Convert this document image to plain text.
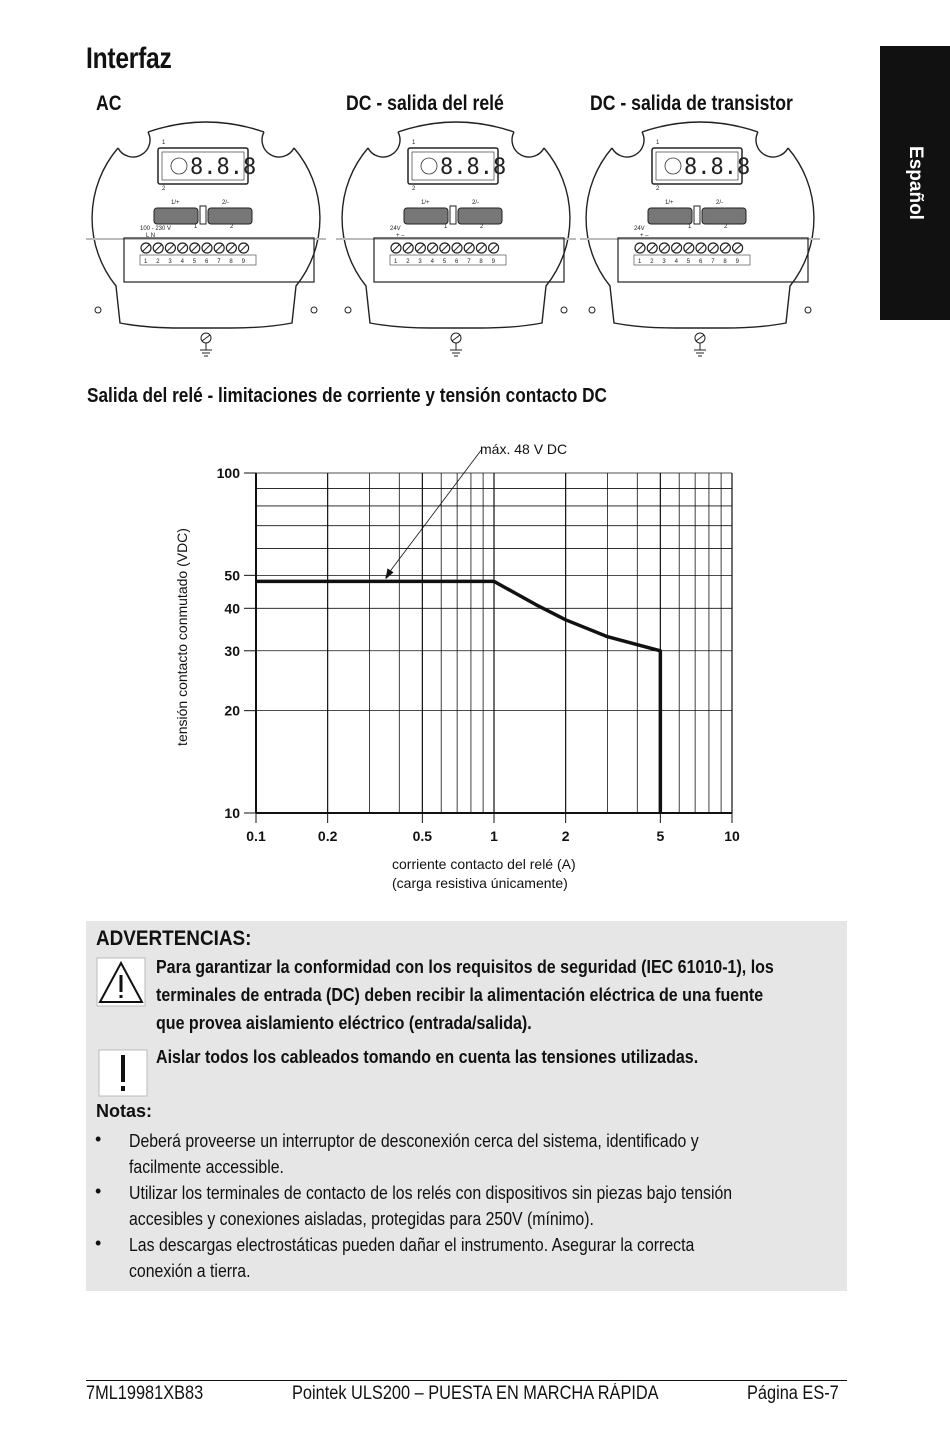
Interfaz
Español
AC	DC - salida del relé	DC - salida de transistor
8.8.8
1
2
1/+	2/-
1 2 3 4 5 6 7 8 9
1	2
100 - 230 V
L N
8.8.8
1
2
1/+	2/-
1 2 3 4 5 6 7 8 9
1	2
24V
+ –
8.8.8
1
2
1/+	2/-
1 2 3 4 5 6 7 8 9
1	2
24V
+ –
Salida del relé - limitaciones de corriente y tensión contacto DC
0.1	0.2	0.5	1	2	5	10
10
20
30
40
50
100
máx. 48 V DC
corriente contacto del relé (A)
(carga resistiva únicamente)
tensión contacto conmutado (VDC)
ADVERTENCIAS:
Para garantizar la conformidad con los requisitos de seguridad (IEC 61010-1), los
terminales de entrada (DC) deben recibir la alimentación eléctrica de una fuente
que provea aislamiento eléctrico (entrada/salida).
Aislar todos los cableados tomando en cuenta las tensiones utilizadas.
Notas:
• Deberá proveerse un interruptor de desconexión cerca del sistema, identificado y
facilmente accessible.
• Utilizar los terminales de contacto de los relés con dispositivos sin piezas bajo tensión
accesibles y conexiones aisladas, protegidas para 250V (mínimo).
• Las descargas electrostáticas pueden dañar el instrumento. Asegurar la correcta
conexión a tierra.
7ML19981XB83	Pointek ULS200 – PUESTA EN MARCHA RÁPIDA	Página ES-7
